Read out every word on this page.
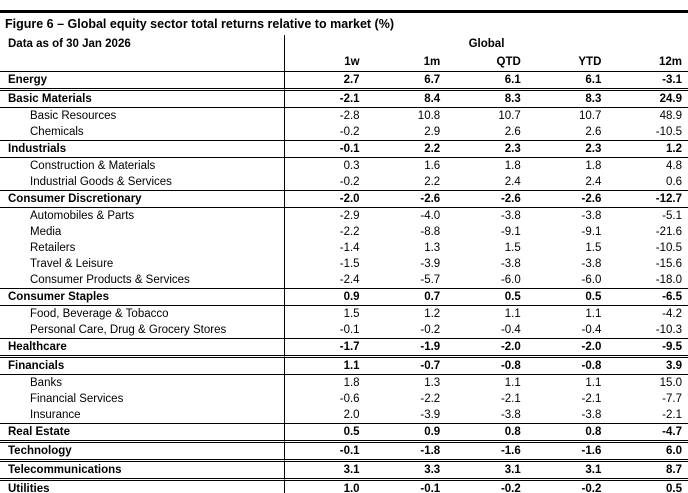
Figure 6 – Global equity sector total returns relative to market (%)
Data as of 30 Jan 2026	Global				
	1w	1m	QTD	YTD	12m
Energy	2.7	6.7	6.1	6.1	-3.1
Basic Materials	-2.1	8.4	8.3	8.3	24.9
Basic Resources	-2.8	10.8	10.7	10.7	48.9
Chemicals	-0.2	2.9	2.6	2.6	-10.5
Industrials	-0.1	2.2	2.3	2.3	1.2
Construction & Materials	0.3	1.6	1.8	1.8	4.8
Industrial Goods & Services	-0.2	2.2	2.4	2.4	0.6
Consumer Discretionary	-2.0	-2.6	-2.6	-2.6	-12.7
Automobiles & Parts	-2.9	-4.0	-3.8	-3.8	-5.1
Media	-2.2	-8.8	-9.1	-9.1	-21.6
Retailers	-1.4	1.3	1.5	1.5	-10.5
Travel & Leisure	-1.5	-3.9	-3.8	-3.8	-15.6
Consumer Products & Services	-2.4	-5.7	-6.0	-6.0	-18.0
Consumer Staples	0.9	0.7	0.5	0.5	-6.5
Food, Beverage & Tobacco	1.5	1.2	1.1	1.1	-4.2
Personal Care, Drug & Grocery Stores	-0.1	-0.2	-0.4	-0.4	-10.3
Healthcare	-1.7	-1.9	-2.0	-2.0	-9.5
Financials	1.1	-0.7	-0.8	-0.8	3.9
Banks	1.8	1.3	1.1	1.1	15.0
Financial Services	-0.6	-2.2	-2.1	-2.1	-7.7
Insurance	2.0	-3.9	-3.8	-3.8	-2.1
Real Estate	0.5	0.9	0.8	0.8	-4.7
Technology	-0.1	-1.8	-1.6	-1.6	6.0
Telecommunications	3.1	3.3	3.1	3.1	8.7
Utilities	1.0	-0.1	-0.2	-0.2	0.5
